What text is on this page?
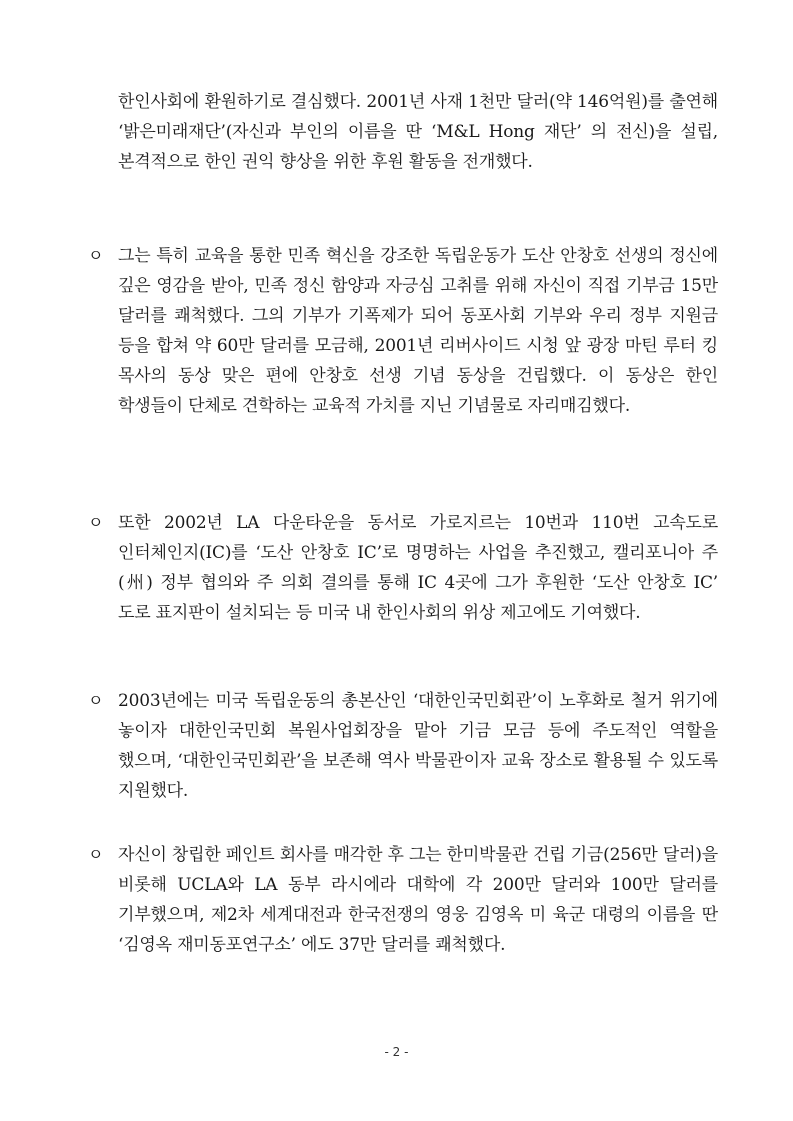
한인사회에 환원하기로 결심했다. 2001년 사재 1천만 달러(약 146억원)를 출연해 ‘밝은미래재단’(자신과 부인의 이름을 딴 ‘M&L Hong 재단’ 의 전신)을 설립, 본격적으로 한인 권익 향상을 위한 후원 활동을 전개했다.
ㅇ 그는 특히 교육을 통한 민족 혁신을 강조한 독립운동가 도산 안창호 선생의 정신에 깊은 영감을 받아, 민족 정신 함양과 자긍심 고취를 위해 자신이 직접 기부금 15만 달러를 쾌척했다. 그의 기부가 기폭제가 되어 동포사회 기부와 우리 정부 지원금 등을 합쳐 약 60만 달러를 모금해, 2001년 리버사이드 시청 앞 광장 마틴 루터 킹 목사의 동상 맞은 편에 안창호 선생 기념 동상을 건립했다. 이 동상은 한인 학생들이 단체로 견학하는 교육적 가치를 지닌 기념물로 자리매김했다.
ㅇ 또한 2002년 LA 다운타운을 동서로 가로지르는 10번과 110번 고속도로 인터체인지(IC)를 ‘도산 안창호 IC’로 명명하는 사업을 추진했고, 캘리포니아 주(州) 정부 협의와 주 의회 결의를 통해 IC 4곳에 그가 후원한 ‘도산 안창호 IC’ 도로 표지판이 설치되는 등 미국 내 한인사회의 위상 제고에도 기여했다.
ㅇ 2003년에는 미국 독립운동의 총본산인 ‘대한인국민회관’이 노후화로 철거 위기에 놓이자 대한인국민회 복원사업회장을 맡아 기금 모금 등에 주도적인 역할을 했으며, ‘대한인국민회관’을 보존해 역사 박물관이자 교육 장소로 활용될 수 있도록 지원했다.
ㅇ 자신이 창립한 페인트 회사를 매각한 후 그는 한미박물관 건립 기금(256만 달러)을 비롯해 UCLA와 LA 동부 라시에라 대학에 각 200만 달러와 100만 달러를 기부했으며, 제2차 세계대전과 한국전쟁의 영웅 김영옥 미 육군 대령의 이름을 딴 ‘김영옥 재미동포연구소’ 에도 37만 달러를 쾌척했다.
- 2 -
